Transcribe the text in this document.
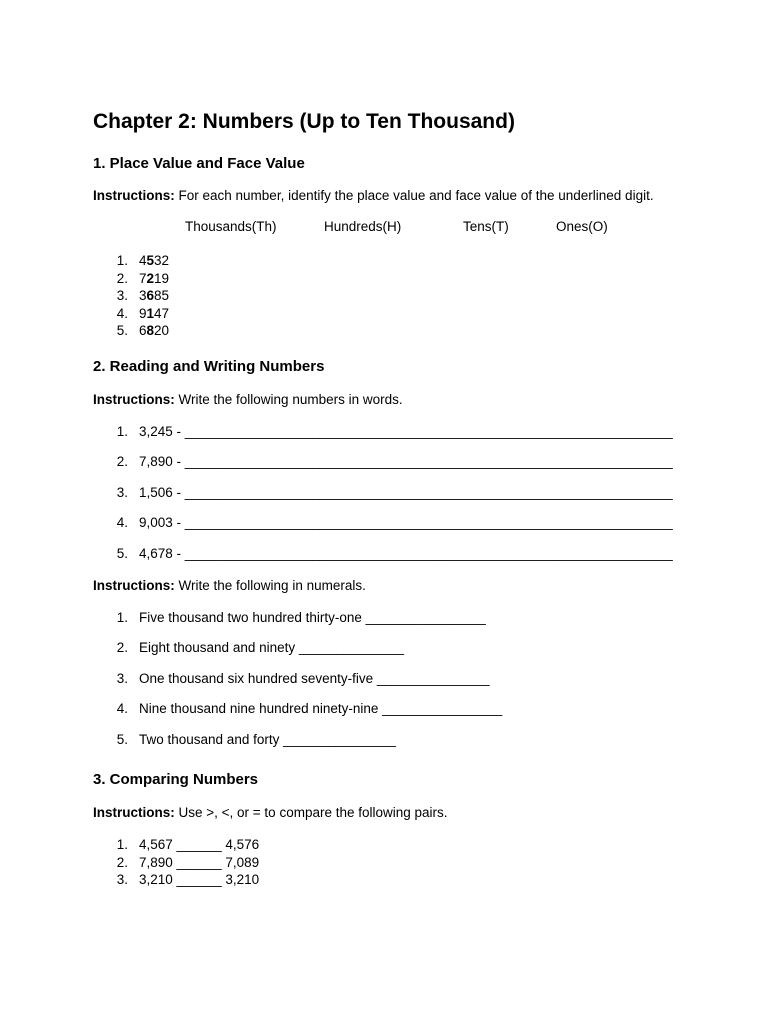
Chapter 2: Numbers (Up to Ten Thousand)
1. Place Value and Face Value

Instructions: For each number, identify the place value and face value of the underlined digit.

Thousands(Th)	Hundreds(H)	Tens(T)	Ones(O)
1. 4532
2. 7219
3. 3685
4. 9147
5. 6820
2. Reading and Writing Numbers

Instructions: Write the following numbers in words.

1. 3,245 - _________________________________________________________________
2. 7,890 - _________________________________________________________________
3. 1,506 - _________________________________________________________________
4. 9,003 - _________________________________________________________________
5. 4,678 - _________________________________________________________________

Instructions: Write the following in numerals.

1. Five thousand two hundred thirty-one ________________
2. Eight thousand and ninety ______________
3. One thousand six hundred seventy-five _______________
4. Nine thousand nine hundred ninety-nine ________________
5. Two thousand and forty _______________
3. Comparing Numbers

Instructions: Use >, <, or = to compare the following pairs.

1. 4,567 ______ 4,576
2. 7,890 ______ 7,089
3. 3,210 ______ 3,210
